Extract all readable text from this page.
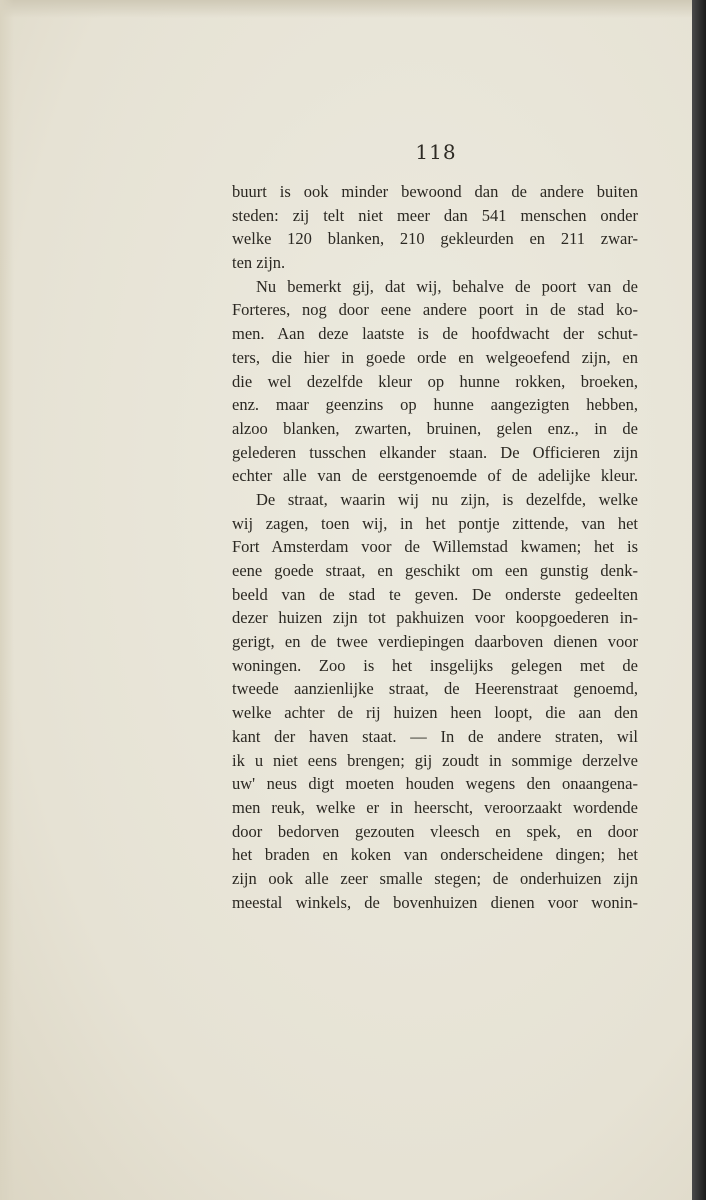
118
buurt is ook minder bewoond dan de andere buiten
steden: zij telt niet meer dan 541 menschen onder
welke 120 blanken, 210 gekleurden en 211 zwar-
ten zijn.
Nu bemerkt gij, dat wij, behalve de poort van de
Forteres, nog door eene andere poort in de stad ko-
men. Aan deze laatste is de hoofdwacht der schut-
ters, die hier in goede orde en welgeoefend zijn, en
die wel dezelfde kleur op hunne rokken, broeken,
enz. maar geenzins op hunne aangezigten hebben,
alzoo blanken, zwarten, bruinen, gelen enz., in de
gelederen tusschen elkander staan. De Officieren zijn
echter alle van de eerstgenoemde of de adelijke kleur.
De straat, waarin wij nu zijn, is dezelfde, welke
wij zagen, toen wij, in het pontje zittende, van het
Fort Amsterdam voor de Willemstad kwamen; het is
eene goede straat, en geschikt om een gunstig denk-
beeld van de stad te geven. De onderste gedeelten
dezer huizen zijn tot pakhuizen voor koopgoederen in-
gerigt, en de twee verdiepingen daarboven dienen voor
woningen. Zoo is het insgelijks gelegen met de
tweede aanzienlijke straat, de Heerenstraat genoemd,
welke achter de rij huizen heen loopt, die aan den
kant der haven staat. — In de andere straten, wil
ik u niet eens brengen; gij zoudt in sommige derzelve
uw' neus digt moeten houden wegens den onaangena-
men reuk, welke er in heerscht, veroorzaakt wordende
door bedorven gezouten vleesch en spek, en door
het braden en koken van onderscheidene dingen; het
zijn ook alle zeer smalle stegen; de onderhuizen zijn
meestal winkels, de bovenhuizen dienen voor wonin-
